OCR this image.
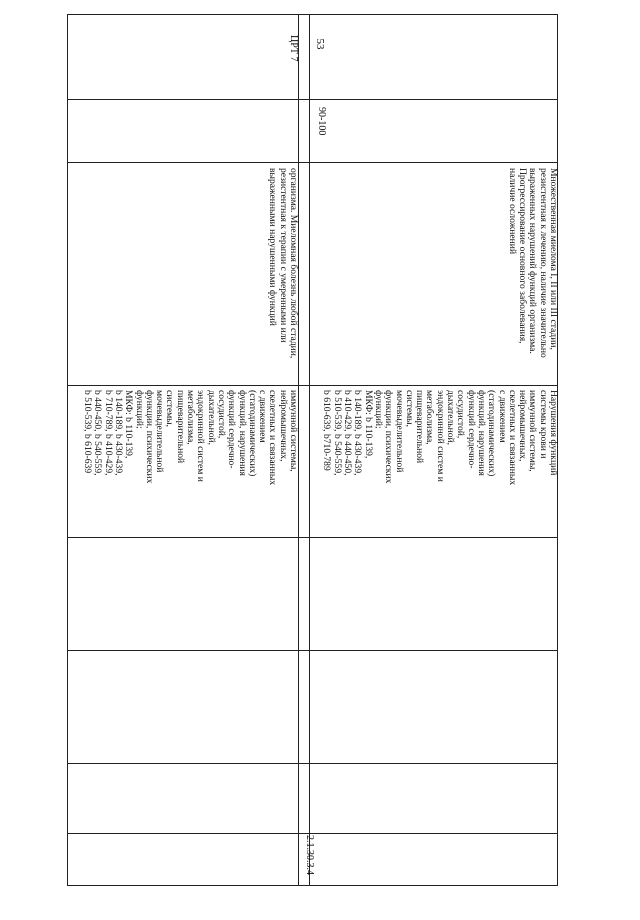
53
иммунной системы,
нейромышечных,
скелетных и связанных
с движением
(статодинамических)
функций, нарушения
функций сердечно-
сосудистой,
дыхательной,
эндокринной систем и
метаболизма,
пищеварительной
системы,
мочевыделительной
функции, психических
функций;
МКФ: b 110-139,
b 140-189, b 430-439,
b 710-789, b 410-429,
b 440-450, b 540-559,
b 510-539, b 610-639
организма. Миеломная болезнь любой стадии,
резистентная к терапии с умеренными или
выраженными нарушенными функций
ЦРТ 7
2.1.30.3.4
Нарушения функций
системы крови и
иммунной системы,
нейромышечных,
скелетных и связанных
с движением
(статодинамических)
функций, нарушения
функций сердечно-
сосудистой,
дыхательной,
эндокринной систем и
метаболизма,
пищеварительной
системы,
мочевыделительной
функции, психических
функций;
МКФ: b 110-139,
b 140-189, b 430-439,
b 410-429, b 440-450,
b 510-539, b 540-559,
b 610-639, b710-789
Множественная миелома I, II или III стадии,
резистентная к лечению, наличие значительно
выраженных нарушений функций организма.
Прогрессирование основного заболевания,
наличие осложнений
90-100
